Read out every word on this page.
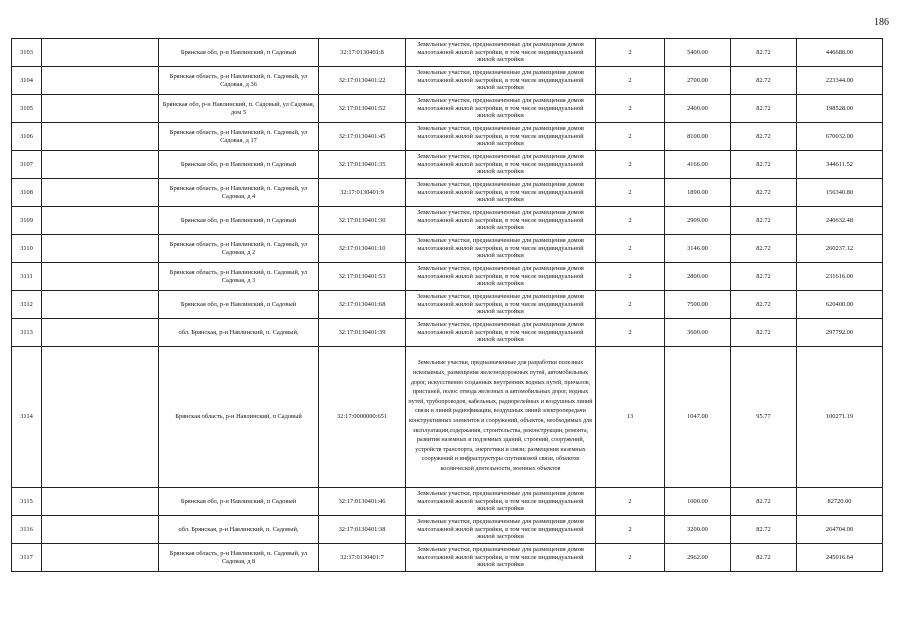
186
3103		Брянская обл, р-н Навлинский, п Садовый	32:17:0130401:8	Земельные участки, предназначенные для размещения домов малоэтажной жилой застройки, в том числе индивидуальной жилой застройки	2	5400.00	82.72	446688.00
3104		Брянская область, р-н Навлинский, п. Садовый, ул Садовая, д 36	32:17:0130401:22	Земельные участки, предназначенные для размещения домов малоэтажной жилой застройки, в том числе индивидуальной жилой застройки	2	2700.00	82.72	223344.00
3105		Брянская обл, р-н Навлинский, п. Садовый, ул Садовая, дом 5	32:17:0130401:52	Земельные участки, предназначенные для размещения домов малоэтажной жилой застройки, в том числе индивидуальной жилой застройки	2	2400.00	82.72	198528.00
3106		Брянская область, р-н Навлинский, п. Садовый, ул Садовая, д 17	32:17:0130401:45	Земельные участки, предназначенные для размещения домов малоэтажной жилой застройки, в том числе индивидуальной жилой застройки	2	8100.00	82.72	670032.00
3107		Брянская обл, р-н Навлинский, п Садовый	32:17:0130401:35	Земельные участки, предназначенные для размещения домов малоэтажной жилой застройки, в том числе индивидуальной жилой застройки	2	4166.00	82.72	344611.52
3108		Брянская область, р-н Навлинский, п. Садовый, ул Садовая, д 4	32:17:0130401:9	Земельные участки, предназначенные для размещения домов малоэтажной жилой застройки, в том числе индивидуальной жилой застройки	2	1890.00	82.72	156340.80
3109		Брянская обл, р-н Навлинский, п Садовый	32:17:0130401:30	Земельные участки, предназначенные для размещения домов малоэтажной жилой застройки, в том числе индивидуальной жилой застройки	2	2909.00	82.72	240632.48
3110		Брянская область, р-н Навлинский, п. Садовый, ул Садовая, д 2	32:17:0130401:10	Земельные участки, предназначенные для размещения домов малоэтажной жилой застройки, в том числе индивидуальной жилой застройки	2	3146.00	82.72	260237.12
3111		Брянская область, р-н Навлинский, п. Садовый, ул Садовая, д 3	32:17:0130401:53	Земельные участки, предназначенные для размещения домов малоэтажной жилой застройки, в том числе индивидуальной жилой застройки	2	2800.00	82.72	231616.00
3112		Брянская обл, р-н Навлинский, п Садовый	32:17:0130401:68	Земельные участки, предназначенные для размещения домов малоэтажной жилой застройки, в том числе индивидуальной жилой застройки	2	7500.00	82.72	620400.00
3113		обл. Брянская, р-н Навлинский, п. Садовый,	32:17:0130401:39	Земельные участки, предназначенные для размещения домов малоэтажной жилой застройки, в том числе индивидуальной жилой застройки	2	3600.00	82.72	297792.00
3114		Брянская область, р-н Навлинский, п Садовый	32:17:0000000:651	Земельные участки, предназначенные для разработки полезных ископаемых, размещения железнодорожных путей, автомобильных дорог, искусственно созданных внутренних водных путей, причалов, пристаней, полос отвода железных и автомобильных дорог, водных путей, трубопроводов, кабельных, радиорелейных и воздушных линий связи и линий радиофикации, воздушных линий электропередачи конструктивных элементов и сооружений, объектов, необходимых для эксплуатации,содержания, строительства, реконструкции, ремонта, развития наземных и подземных зданий, строений, сооружений, устройств транспорта, энергетики и связи; размещения наземных сооружений и инфраструктуры спутниковой связи, объектов космической деятельности, военных объектов	13	1047.00	95.77	100271.19
3115		Брянская обл, р-н Навлинский, п Садовый	32:17:0130401:46	Земельные участки, предназначенные для размещения домов малоэтажной жилой застройки, в том числе индивидуальной жилой застройки	2	1000.00	82.72	82720.00
3116		обл. Брянская, р-н Навлинский, п. Садовый,	32:17:0130401:38	Земельные участки, предназначенные для размещения домов малоэтажной жилой застройки, в том числе индивидуальной жилой застройки	2	3200.00	82.72	264704.00
3117		Брянская область, р-н Навлинский, п. Садовый, ул Садовая, д 8	32:17:0130401:7	Земельные участки, предназначенные для размещения домов малоэтажной жилой застройки, в том числе индивидуальной жилой застройки	2	2962.00	82.72	245016.64
